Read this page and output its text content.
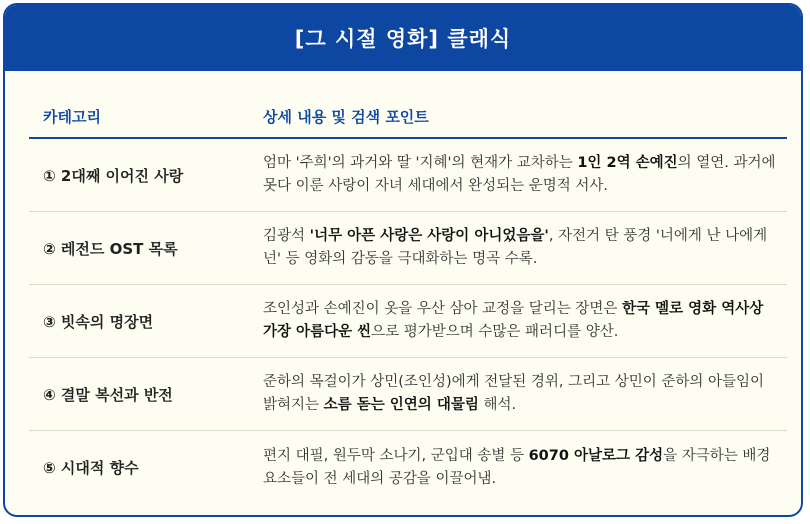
[그 시절 영화] 클래식
카테고리	상세 내용 및 검색 포인트
① 2대째 이어진 사랑
엄마 '주희'의 과거와 딸 '지혜'의 현재가 교차하는 1인 2역 손예진의 열연. 과거에 못다 이룬 사랑이 자녀 세대에서 완성되는 운명적 서사.
② 레전드 OST 목록
김광석 '너무 아픈 사랑은 사랑이 아니었음을', 자전거 탄 풍경 '너에게 난 나에게 넌' 등 영화의 감동을 극대화하는 명곡 수록.
③ 빗속의 명장면
조인성과 손예진이 옷을 우산 삼아 교정을 달리는 장면은 한국 멜로 영화 역사상 가장 아름다운 씬으로 평가받으며 수많은 패러디를 양산.
④ 결말 복선과 반전
준하의 목걸이가 상민(조인성)에게 전달된 경위, 그리고 상민이 준하의 아들임이 밝혀지는 소름 돋는 인연의 대물림 해석.
⑤ 시대적 향수
편지 대필, 원두막 소나기, 군입대 송별 등 6070 아날로그 감성을 자극하는 배경 요소들이 전 세대의 공감을 이끌어냄.
